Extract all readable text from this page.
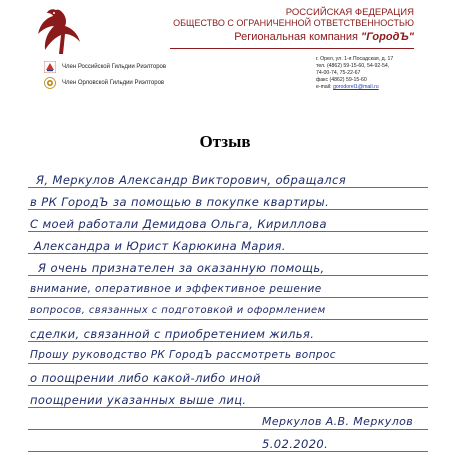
РОССИЙСКАЯ ФЕДЕРАЦИЯ
ОБЩЕСТВО С ОГРАНИЧЕННОЙ ОТВЕТСТВЕННОСТЬЮ
Региональная компания "ГородЪ"
Член Российской Гильдии Риэлторов
Член Орловской Гильдии Риэлторов
г. Орел, ул. 1-я Посадская, д. 17
тел. (4862) 59-15-60, 54-92-54,
74-00-74, 75-22-67
факс (4862) 59-15-60
e-mail: gorodorel1@mail.ru
Отзыв
Я, Меркулов Александр Викторович, обращался
в РК ГородЪ за помощью в покупке квартиры.
С моей работали Демидова Ольга, Кириллова
Александра и Юрист Карюкина Мария.
Я очень признателен за оказанную помощь,
внимание, оперативное и эффективное решение
вопросов, связанных с подготовкой и оформлением
сделки, связанной с приобретением жилья.
Прошу руководство РК ГородЪ рассмотреть вопрос
о поощрении либо какой-либо иной
поощрении указанных выше лиц.
Меркулов А.В. Меркулов
5.02.2020.
